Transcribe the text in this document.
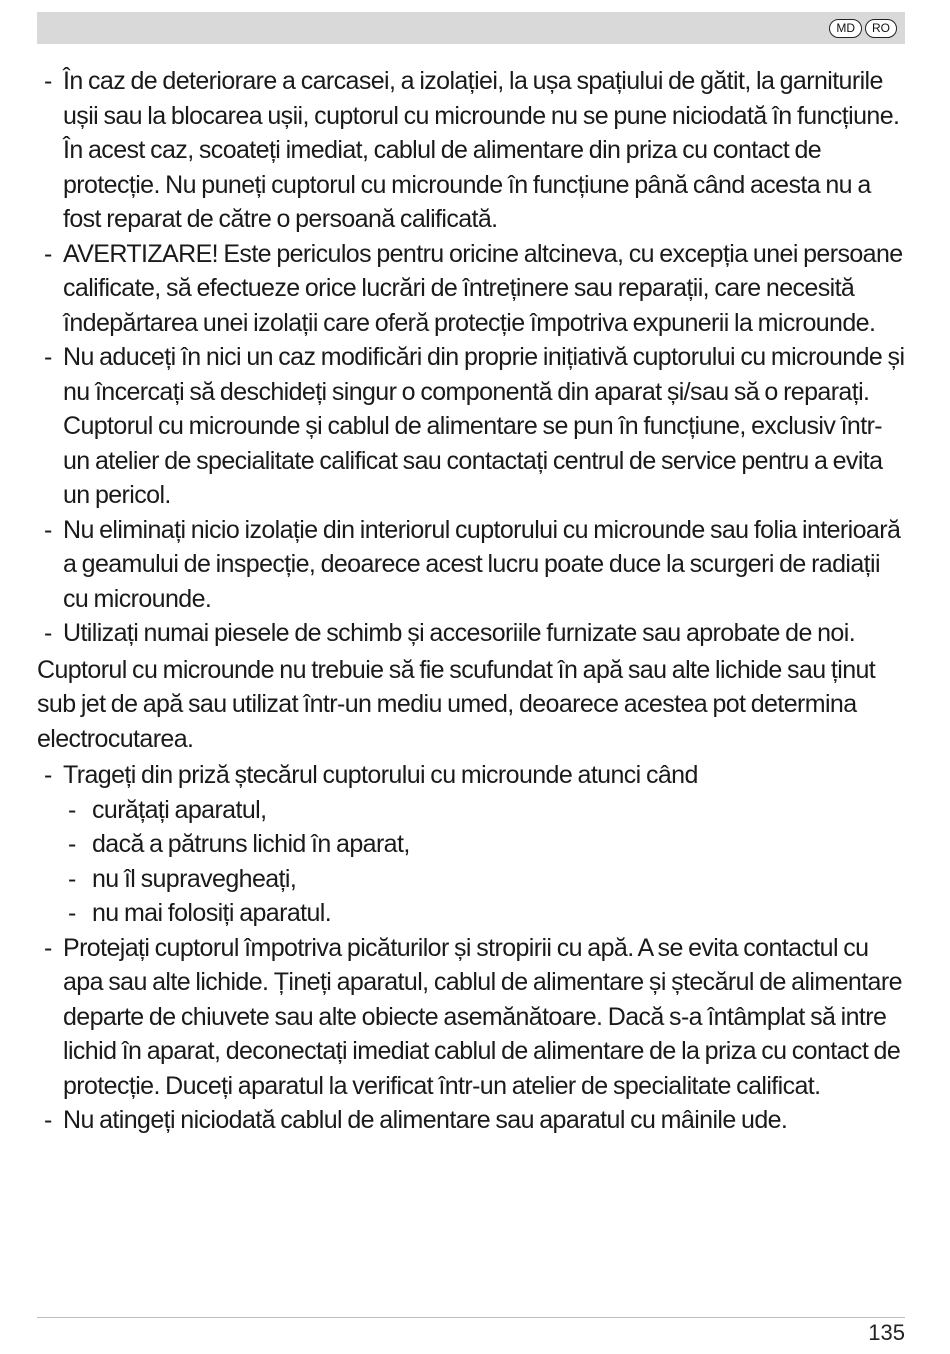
MD	RO
- În caz de deteriorare a carcasei, a izolației, la ușa spațiului de gătit, la garniturile ușii sau la blocarea ușii, cuptorul cu microunde nu se pune niciodată în funcțiune. În acest caz, scoateți imediat, cablul de alimentare din priza cu contact de protecție. Nu puneți cuptorul cu microunde în funcțiune până când acesta nu a fost reparat de către o persoană calificată.
- AVERTIZARE! Este periculos pentru oricine altcineva, cu excepția unei persoane calificate, să efectueze orice lucrări de întreținere sau reparații, care necesită îndepărtarea unei izolații care oferă protecție împotriva expunerii la microunde.
- Nu aduceți în nici un caz modificări din proprie inițiativă cuptorului cu microunde și nu încercați să deschideți singur o componentă din aparat și/sau să o reparați. Cuptorul cu microunde și cablul de alimentare se pun în funcțiune, exclusiv într-un atelier de specialitate calificat sau contactați centrul de service pentru a evita un pericol.
- Nu eliminați nicio izolație din interiorul cuptorului cu microunde sau folia interioară a geamului de inspecție, deoarece acest lucru poate duce la scurgeri de radiații cu microunde.
- Utilizați numai piesele de schimb și accesoriile furnizate sau aprobate de noi.
Cuptorul cu microunde nu trebuie să fie scufundat în apă sau alte lichide sau ținut sub jet de apă sau utilizat într-un mediu umed, deoarece acestea pot determina electrocutarea.
- Trageți din priză ștecărul cuptorului cu microunde atunci când
- curățați aparatul,
- dacă a pătruns lichid în aparat,
- nu îl supravegheați,
- nu mai folosiți aparatul.
- Protejați cuptorul împotriva picăturilor și stropirii cu apă. A se evita contactul cu apa sau alte lichide. Țineți aparatul, cablul de alimentare și ștecărul de alimentare departe de chiuvete sau alte obiecte asemănătoare. Dacă s-a întâmplat să intre lichid în aparat, deconectați imediat cablul de alimentare de la priza cu contact de protecție. Duceți aparatul la verificat într-un atelier de specialitate calificat.
- Nu atingeți niciodată cablul de alimentare sau aparatul cu mâinile ude.
135
